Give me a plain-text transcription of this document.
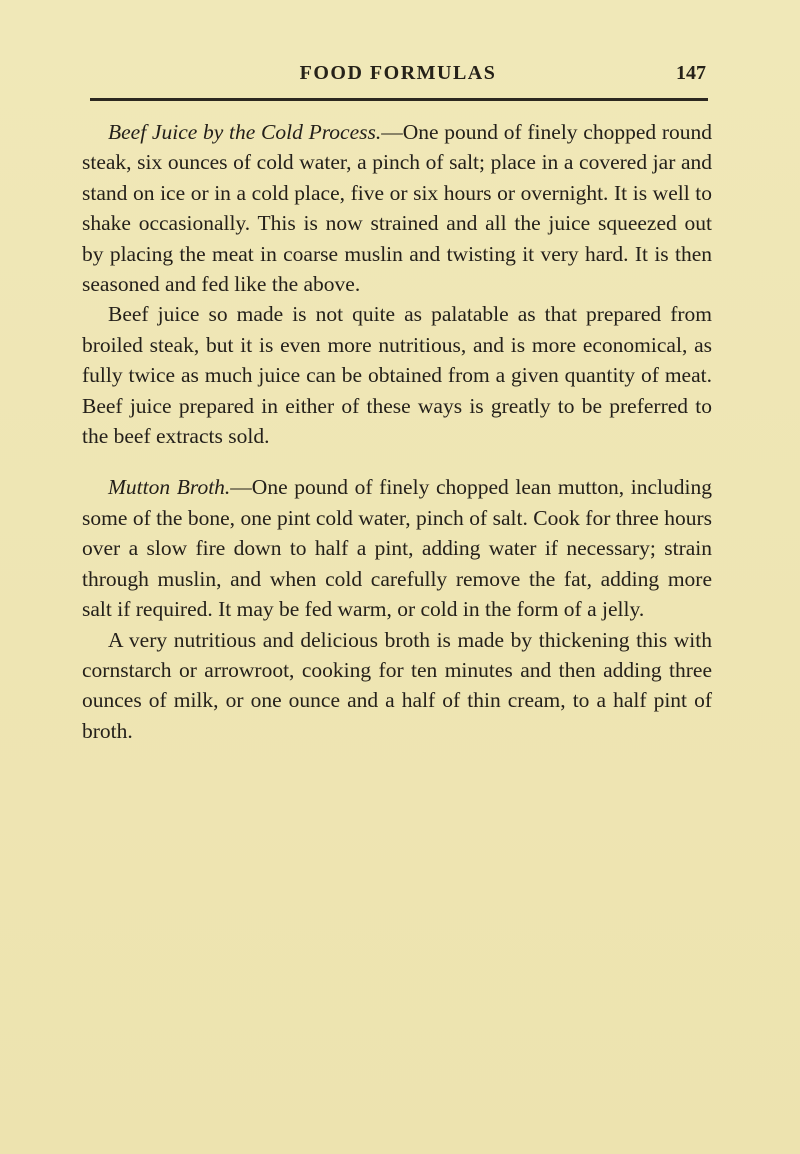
FOOD FORMULAS	147

Beef Juice by the Cold Process.—One pound of finely chopped round steak, six ounces of cold water, a pinch of salt; place in a covered jar and stand on ice or in a cold place, five or six hours or overnight. It is well to shake occasionally. This is now strained and all the juice squeezed out by placing the meat in coarse muslin and twisting it very hard. It is then seasoned and fed like the above.

Beef juice so made is not quite as palatable as that prepared from broiled steak, but it is even more nutritious, and is more economical, as fully twice as much juice can be obtained from a given quantity of meat. Beef juice prepared in either of these ways is greatly to be preferred to the beef extracts sold.

Mutton Broth.—One pound of finely chopped lean mutton, including some of the bone, one pint cold water, pinch of salt. Cook for three hours over a slow fire down to half a pint, adding water if necessary; strain through muslin, and when cold carefully remove the fat, adding more salt if required. It may be fed warm, or cold in the form of a jelly.

A very nutritious and delicious broth is made by thickening this with cornstarch or arrowroot, cooking for ten minutes and then adding three ounces of milk, or one ounce and a half of thin cream, to a half pint of broth.
